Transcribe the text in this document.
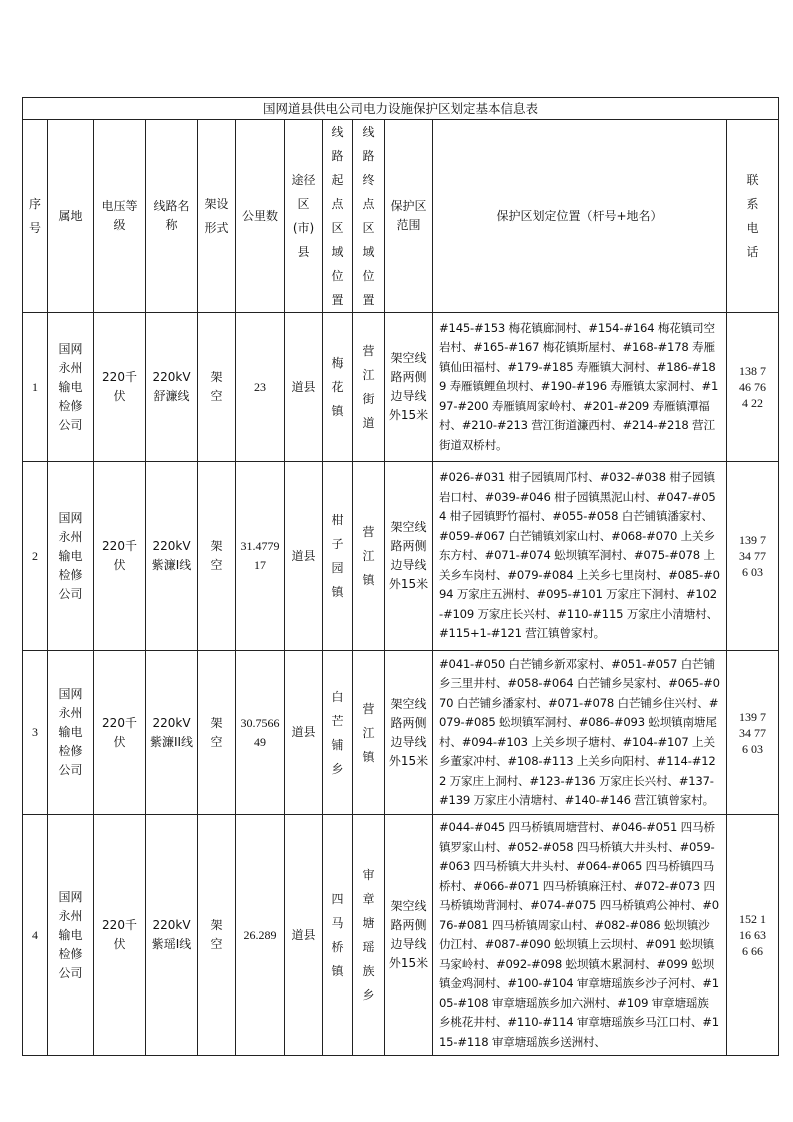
国网道县供电公司电力设施保护区划定基本信息表											
序号	属地	电压等级	线路名称	架设形式	公里数	途径区(市)县	线路起点区域位置	线路终点区域位置	保护区范围	保护区划定位置（杆号+地名）	联系电话
1	国网永州输电检修公司	220千伏	220kV舒濂线	架空	23	道县	梅花镇	营江街道	架空线路两侧边导线外15米	#145-#153 梅花镇廊洞村、#154-#164 梅花镇司空岩村、#165-#167 梅花镇斯屋村、#168-#178 寿雁镇仙田福村、#179-#185 寿雁镇大洞村、#186-#189 寿雁镇鲤鱼坝村、#190-#196 寿雁镇太家洞村、#197-#200 寿雁镇周家岭村、#201-#209 寿雁镇潭福村、#210-#213 营江街道濂西村、#214-#218 营江街道双桥村。	138 746 764 22
2	国网永州输电检修公司	220千伏	220kV紫濂I线	架空	31.477917	道县	柑子园镇	营江镇	架空线路两侧边导线外15米	#026-#031 柑子园镇周邝村、#032-#038 柑子园镇岩口村、#039-#046 柑子园镇黑泥山村、#047-#054 柑子园镇野竹福村、#055-#058 白芒铺镇潘家村、#059-#067 白芒铺镇刘家山村、#068-#070 上关乡东方村、#071-#074 蚣坝镇军洞村、#075-#078 上关乡车岗村、#079-#084 上关乡七里岗村、#085-#094 万家庄五洲村、#095-#101 万家庄下洞村、#102-#109 万家庄长兴村、#110-#115 万家庄小清塘村、#115+1-#121 营江镇曾家村。	139 734 776 03
3	国网永州输电检修公司	220千伏	220kV紫濂II线	架空	30.756649	道县	白芒铺乡	营江镇	架空线路两侧边导线外15米	#041-#050 白芒铺乡新邓家村、#051-#057 白芒铺乡三里井村、#058-#064 白芒铺乡吴家村、#065-#070 白芒铺乡潘家村、#071-#078 白芒铺乡住兴村、#079-#085 蚣坝镇军洞村、#086-#093 蚣坝镇南塘尾村、#094-#103 上关乡坝子塘村、#104-#107 上关乡董家冲村、#108-#113 上关乡向阳村、#114-#122 万家庄上洞村、#123-#136 万家庄长兴村、#137-#139 万家庄小清塘村、#140-#146 营江镇曾家村。	139 734 776 03
4	国网永州输电检修公司	220千伏	220kV紫瑶I线	架空	26.289	道县	四马桥镇	审章塘瑶族乡	架空线路两侧边导线外15米	#044-#045 四马桥镇周塘营村、#046-#051 四马桥镇罗家山村、#052-#058 四马桥镇大井头村、#059-#063 四马桥镇大井头村、#064-#065 四马桥镇四马桥村、#066-#071 四马桥镇麻汪村、#072-#073 四马桥镇坳背洞村、#074-#075 四马桥镇鸡公神村、#076-#081 四马桥镇周家山村、#082-#086 蚣坝镇沙仂江村、#087-#090 蚣坝镇上云坝村、#091 蚣坝镇马家岭村、#092-#098 蚣坝镇木累洞村、#099 蚣坝镇金鸡洞村、#100-#104 审章塘瑶族乡沙子河村、#105-#108 审章塘瑶族乡加六洲村、#109 审章塘瑶族乡桃花井村、#110-#114 审章塘瑶族乡马江口村、#115-#118 审章塘瑶族乡送洲村、	152 116 636 66
